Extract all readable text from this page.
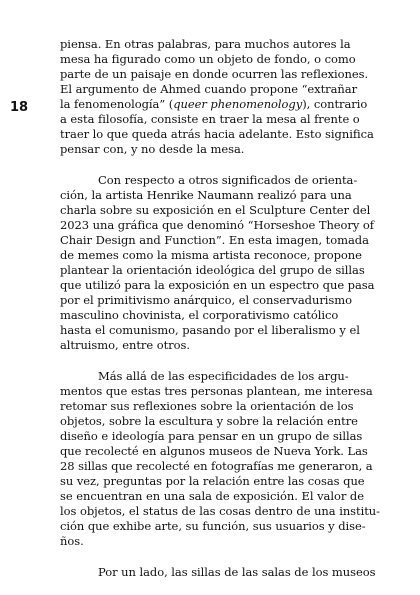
18
piensa. En otras palabras, para muchos autores la
mesa ha figurado como un objeto de fondo, o como
parte de un paisaje en donde ocurren las reflexiones.
El argumento de Ahmed cuando propone “extrañar
la fenomenología” (queer phenomenology), contrario
a esta filosofía, consiste en traer la mesa al frente o
traer lo que queda atrás hacia adelante. Esto significa
pensar con, y no desde la mesa.
Con respecto a otros significados de orienta-
ción, la artista Henrike Naumann realizó para una
charla sobre su exposición en el Sculpture Center del
2023 una gráfica que denominó “Horseshoe Theory of
Chair Design and Function”. En esta imagen, tomada
de memes como la misma artista reconoce, propone
plantear la orientación ideológica del grupo de sillas
que utilizó para la exposición en un espectro que pasa
por el primitivismo anárquico, el conservadurismo
masculino chovinista, el corporativismo católico
hasta el comunismo, pasando por el liberalismo y el
altruismo, entre otros.
Más allá de las especificidades de los argu-
mentos que estas tres personas plantean, me interesa
retomar sus reflexiones sobre la orientación de los
objetos, sobre la escultura y sobre la relación entre
diseño e ideología para pensar en un grupo de sillas
que recolecté en algunos museos de Nueva York. Las
28 sillas que recolecté en fotografías me generaron, a
su vez, preguntas por la relación entre las cosas que
se encuentran en una sala de exposición. El valor de
los objetos, el status de las cosas dentro de una institu-
ción que exhibe arte, su función, sus usuarios y dise-
ños.
Por un lado, las sillas de las salas de los museos
